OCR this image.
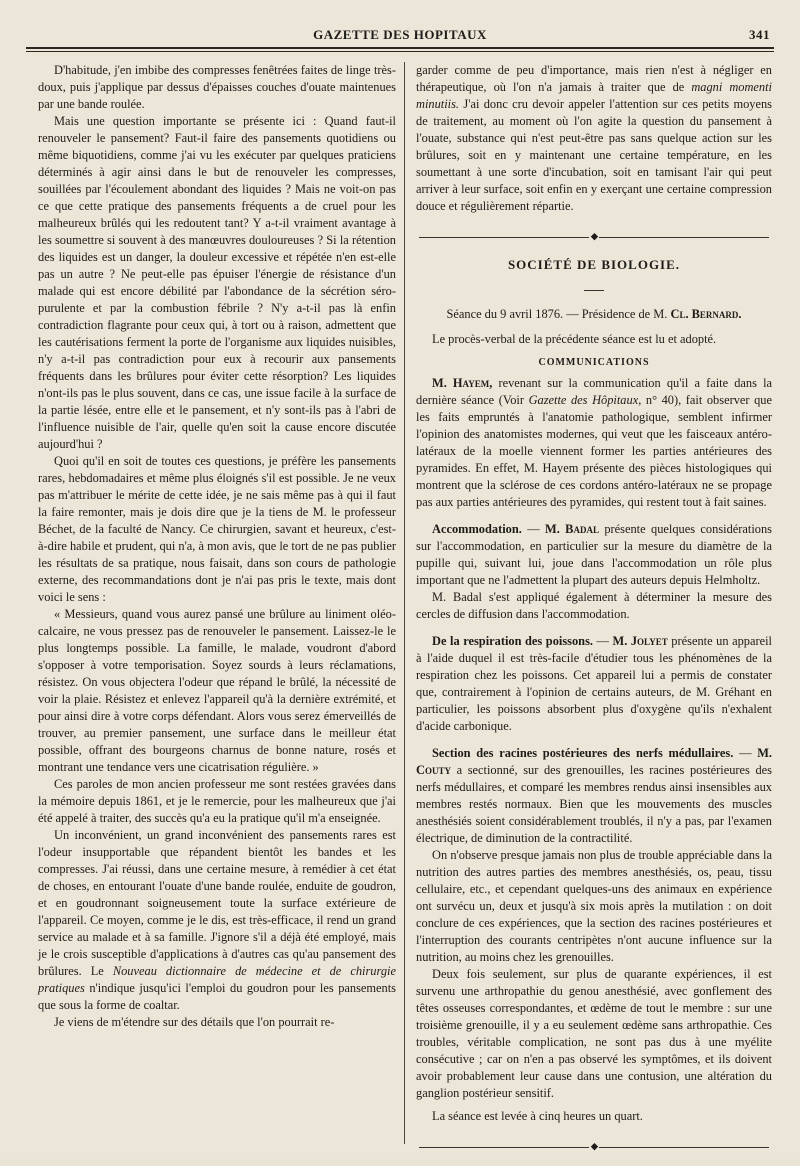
GAZETTE DES HOPITAUX	341

D'habitude, j'en imbibe des compresses fenêtrées faites de linge très-doux, puis j'applique par dessus d'épaisses couches d'ouate maintenues par une bande roulée.

Mais une question importante se présente ici : Quand faut-il renouveler le pansement? Faut-il faire des pansements quotidiens ou même biquotidiens, comme j'ai vu les exécuter par quelques praticiens déterminés à agir ainsi dans le but de renouveler les compresses, souillées par l'écoulement abondant des liquides ? Mais ne voit-on pas ce que cette pratique des pansements fréquents a de cruel pour les malheureux brûlés qui les redoutent tant? Y a-t-il vraiment avantage à les soumettre si souvent à des manœuvres douloureuses ? Si la rétention des liquides est un danger, la douleur excessive et répétée n'en est-elle pas un autre ? Ne peut-elle pas épuiser l'énergie de résistance d'un malade qui est encore débilité par l'abondance de la sécrétion séro-purulente et par la combustion fébrile ? N'y a-t-il pas là enfin contradiction flagrante pour ceux qui, à tort ou à raison, admettent que les cautérisations ferment la porte de l'organisme aux liquides nuisibles, n'y a-t-il pas contradiction pour eux à recourir aux pansements fréquents dans les brûlures pour éviter cette résorption? Les liquides n'ont-ils pas le plus souvent, dans ce cas, une issue facile à la surface de la partie lésée, entre elle et le pansement, et n'y sont-ils pas à l'abri de l'influence nuisible de l'air, quelle qu'en soit la cause encore discutée aujourd'hui ?

Quoi qu'il en soit de toutes ces questions, je préfère les pansements rares, hebdomadaires et même plus éloignés s'il est possible. Je ne veux pas m'attribuer le mérite de cette idée, je ne sais même pas à qui il faut la faire remonter, mais je dois dire que je la tiens de M. le professeur Béchet, de la faculté de Nancy. Ce chirurgien, savant et heureux, c'est-à-dire habile et prudent, qui n'a, à mon avis, que le tort de ne pas publier les résultats de sa pratique, nous faisait, dans son cours de pathologie externe, des recommandations dont je n'ai pas pris le texte, mais dont voici le sens :

« Messieurs, quand vous aurez pansé une brûlure au liniment oléo-calcaire, ne vous pressez pas de renouveler le pansement. Laissez-le le plus longtemps possible. La famille, le malade, voudront d'abord s'opposer à votre temporisation. Soyez sourds à leurs réclamations, résistez. On vous objectera l'odeur que répand le brûlé, la nécessité de voir la plaie. Résistez et enlevez l'appareil qu'à la dernière extrémité, et pour ainsi dire à votre corps défendant. Alors vous serez émerveillés de trouver, au premier pansement, une surface dans le meilleur état possible, offrant des bourgeons charnus de bonne nature, rosés et montrant une tendance vers une cicatrisation régulière. »

Ces paroles de mon ancien professeur me sont restées gravées dans la mémoire depuis 1861, et je le remercie, pour les malheureux que j'ai été appelé à traiter, des succès qu'a eu la pratique qu'il m'a enseignée.

Un inconvénient, un grand inconvénient des pansements rares est l'odeur insupportable que répandent bientôt les bandes et les compresses. J'ai réussi, dans une certaine mesure, à remédier à cet état de choses, en entourant l'ouate d'une bande roulée, enduite de goudron, et en goudronnant soigneusement toute la surface extérieure de l'appareil. Ce moyen, comme je le dis, est très-efficace, il rend un grand service au malade et à sa famille. J'ignore s'il a déjà été employé, mais je le crois susceptible d'applications à d'autres cas qu'au pansement des brûlures. Le Nouveau dictionnaire de médecine et de chirurgie pratiques n'indique jusqu'ici l'emploi du goudron pour les pansements que sous la forme de coaltar.

Je viens de m'étendre sur des détails que l'on pourrait re-

garder comme de peu d'importance, mais rien n'est à négliger en thérapeutique, où l'on n'a jamais à traiter que de magni momenti minutiis. J'ai donc cru devoir appeler l'attention sur ces petits moyens de traitement, au moment où l'on agite la question du pansement à l'ouate, substance qui n'est peut-être pas sans quelque action sur les brûlures, soit en y maintenant une certaine température, en les soumettant à une sorte d'incubation, soit en tamisant l'air qui peut arriver à leur surface, soit enfin en y exerçant une certaine compression douce et régulièrement répartie.

◆
SOCIÉTÉ DE BIOLOGIE.

Séance du 9 avril 1876. — Présidence de M. Cl. Bernard.

Le procès-verbal de la précédente séance est lu et adopté.

COMMUNICATIONS

M. Hayem, revenant sur la communication qu'il a faite dans la dernière séance (Voir Gazette des Hôpitaux, n° 40), fait observer que les faits empruntés à l'anatomie pathologique, semblent infirmer l'opinion des anatomistes modernes, qui veut que les faisceaux antéro-latéraux de la moelle viennent former les parties antérieures des pyramides. En effet, M. Hayem présente des pièces histologiques qui montrent que la sclérose de ces cordons antéro-latéraux ne se propage pas aux parties antérieures des pyramides, qui restent tout à fait saines.

Accommodation. — M. Badal présente quelques considérations sur l'accommodation, en particulier sur la mesure du diamètre de la pupille qui, suivant lui, joue dans l'accommodation un rôle plus important que ne l'admettent la plupart des auteurs depuis Helmholtz.

M. Badal s'est appliqué également à déterminer la mesure des cercles de diffusion dans l'accommodation.

De la respiration des poissons. — M. Jolyet présente un appareil à l'aide duquel il est très-facile d'étudier tous les phénomènes de la respiration chez les poissons. Cet appareil lui a permis de constater que, contrairement à l'opinion de certains auteurs, de M. Gréhant en particulier, les poissons absorbent plus d'oxygène qu'ils n'exhalent d'acide carbonique.

Section des racines postérieures des nerfs médullaires. — M. Couty a sectionné, sur des grenouilles, les racines postérieures des nerfs médullaires, et comparé les membres rendus ainsi insensibles aux membres restés normaux. Bien que les mouvements des muscles anesthésiés soient considérablement troublés, il n'y a pas, par l'examen électrique, de diminution de la contractilité.

On n'observe presque jamais non plus de trouble appréciable dans la nutrition des autres parties des membres anesthésiés, os, peau, tissu cellulaire, etc., et cependant quelques-uns des animaux en expérience ont survécu un, deux et jusqu'à six mois après la mutilation : on doit conclure de ces expériences, que la section des racines postérieures et l'interruption des courants centripètes n'ont aucune influence sur la nutrition, au moins chez les grenouilles.

Deux fois seulement, sur plus de quarante expériences, il est survenu une arthropathie du genou anesthésié, avec gonflement des têtes osseuses correspondantes, et œdème de tout le membre : sur une troisième grenouille, il y a eu seulement œdème sans arthropathie. Ces troubles, véritable complication, ne sont pas dus à une myélite consécutive ; car on n'en a pas observé les symptômes, et ils doivent avoir probablement leur cause dans une contusion, une altération du ganglion postérieur sensitif.

La séance est levée à cinq heures un quart.

◆
